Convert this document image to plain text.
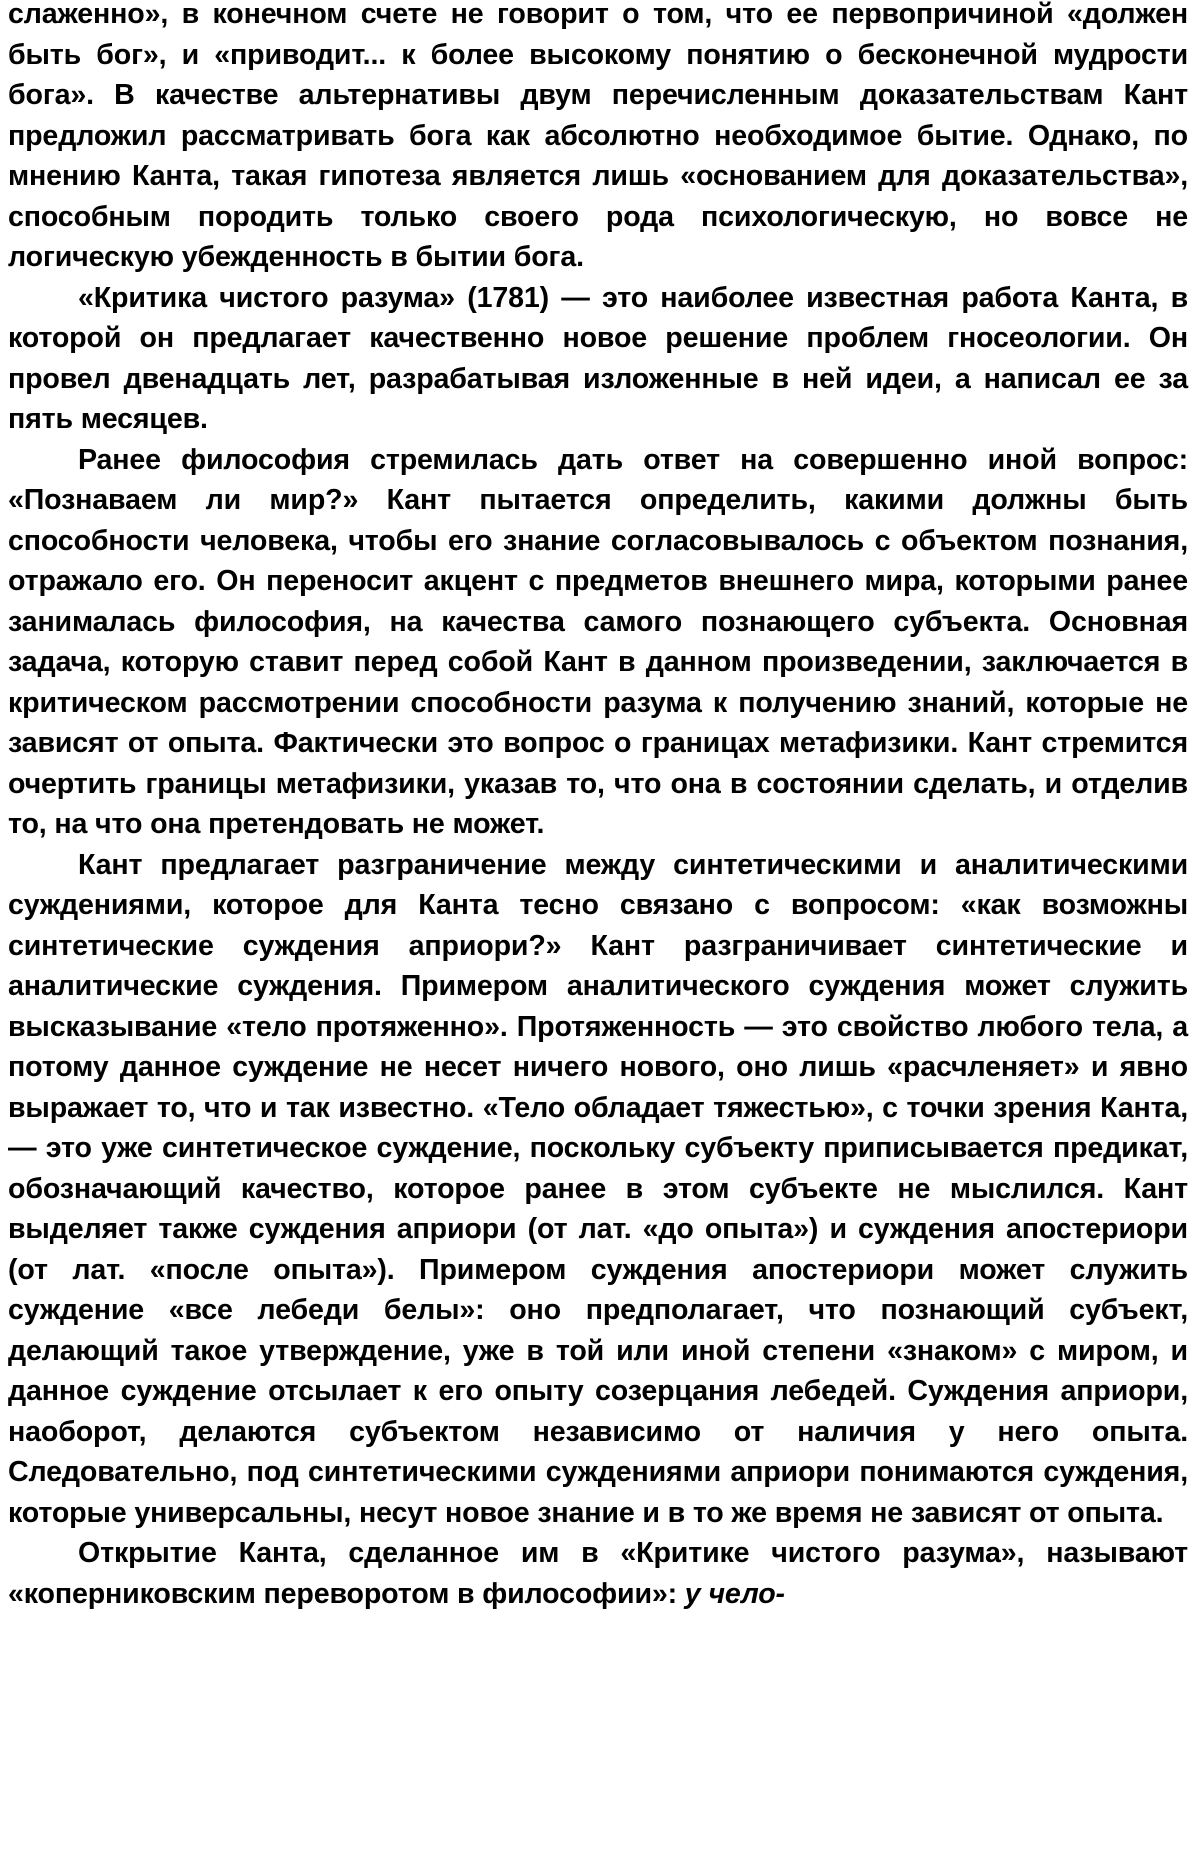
слаженно», в конечном счете не говорит о том, что ее первопричиной «должен быть бог», и «приводит... к более высокому понятию о бесконечной мудрости бога». В качестве альтернативы двум перечисленным доказательствам Кант предложил рассматривать бога как абсолютно необходимое бытие. Однако, по мнению Канта, такая гипотеза является лишь «основанием для доказательства», способным породить только своего рода психологическую, но вовсе не логическую убежденность в бытии бога.

«Критика чистого разума» (1781) — это наиболее известная работа Канта, в которой он предлагает качественно новое решение проблем гносеологии. Он провел двенадцать лет, разрабатывая изложенные в ней идеи, а написал ее за пять месяцев.

Ранее философия стремилась дать ответ на совершенно иной вопрос: «Познаваем ли мир?» Кант пытается определить, какими должны быть способности человека, чтобы его знание согласовывалось с объектом познания, отражало его. Он переносит акцент с предметов внешнего мира, которыми ранее занималась философия, на качества самого познающего субъекта. Основная задача, которую ставит перед собой Кант в данном произведении, заключается в критическом рассмотрении способности разума к получению знаний, которые не зависят от опыта. Фактически это вопрос о границах метафизики. Кант стремится очертить границы метафизики, указав то, что она в состоянии сделать, и отделив то, на что она претендовать не может.

Кант предлагает разграничение между синтетическими и аналитическими суждениями, которое для Канта тесно связано с вопросом: «как возможны синтетические суждения априори?» Кант разграничивает синтетические и аналитические суждения. Примером аналитического суждения может служить высказывание «тело протяженно». Протяженность — это свойство любого тела, а потому данное суждение не несет ничего нового, оно лишь «расчленяет» и явно выражает то, что и так известно. «Тело обладает тяжестью», с точки зрения Канта, — это уже синтетическое суждение, поскольку субъекту приписывается предикат, обозначающий качество, которое ранее в этом субъекте не мыслился. Кант выделяет также суждения априори (от лат. «до опыта») и суждения апостериори (от лат. «после опыта»). Примером суждения апостериори может служить суждение «все лебеди белы»: оно предполагает, что познающий субъект, делающий такое утверждение, уже в той или иной степени «знаком» с миром, и данное суждение отсылает к его опыту созерцания лебедей. Суждения априори, наоборот, делаются субъектом независимо от наличия у него опыта. Следовательно, под синтетическими суждениями априори понимаются суждения, которые универсальны, несут новое знание и в то же время не зависят от опыта.

Открытие Канта, сделанное им в «Критике чистого разума», называют «коперниковским переворотом в философии»: у чело-
